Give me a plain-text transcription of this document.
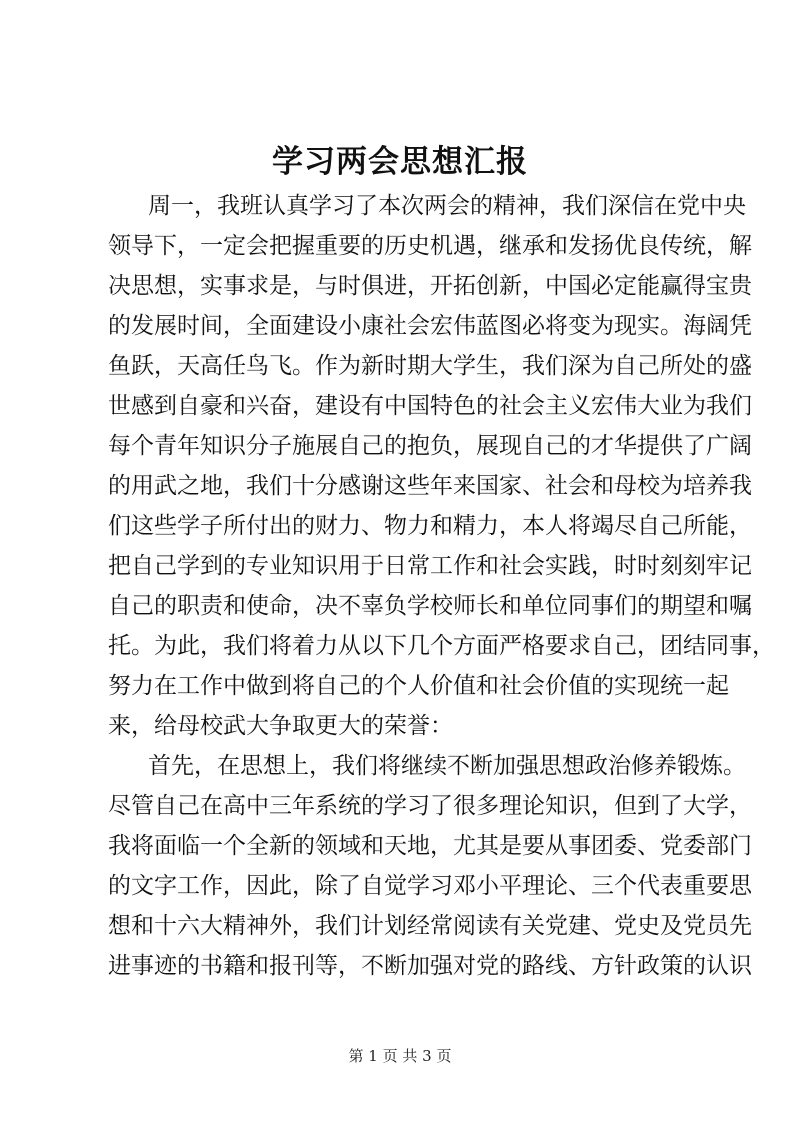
学习两会思想汇报
周一，我班认真学习了本次两会的精神，我们深信在党中央
领导下，一定会把握重要的历史机遇，继承和发扬优良传统，解
决思想，实事求是，与时俱进，开拓创新，中国必定能赢得宝贵
的发展时间，全面建设小康社会宏伟蓝图必将变为现实。海阔凭
鱼跃，天高任鸟飞。作为新时期大学生，我们深为自己所处的盛
世感到自豪和兴奋，建设有中国特色的社会主义宏伟大业为我们
每个青年知识分子施展自己的抱负，展现自己的才华提供了广阔
的用武之地，我们十分感谢这些年来国家、社会和母校为培养我
们这些学子所付出的财力、物力和精力，本人将竭尽自己所能，
把自己学到的专业知识用于日常工作和社会实践，时时刻刻牢记
自己的职责和使命，决不辜负学校师长和单位同事们的期望和嘱
托。为此，我们将着力从以下几个方面严格要求自己，团结同事，
努力在工作中做到将自己的个人价值和社会价值的实现统一起
来，给母校武大争取更大的荣誉：
首先，在思想上，我们将继续不断加强思想政治修养锻炼。
尽管自己在高中三年系统的学习了很多理论知识，但到了大学，
我将面临一个全新的领域和天地，尤其是要从事团委、党委部门
的文字工作，因此，除了自觉学习邓小平理论、三个代表重要思
想和十六大精神外，我们计划经常阅读有关党建、党史及党员先
进事迹的书籍和报刊等，不断加强对党的路线、方针政策的认识
第 1 页 共 3 页
